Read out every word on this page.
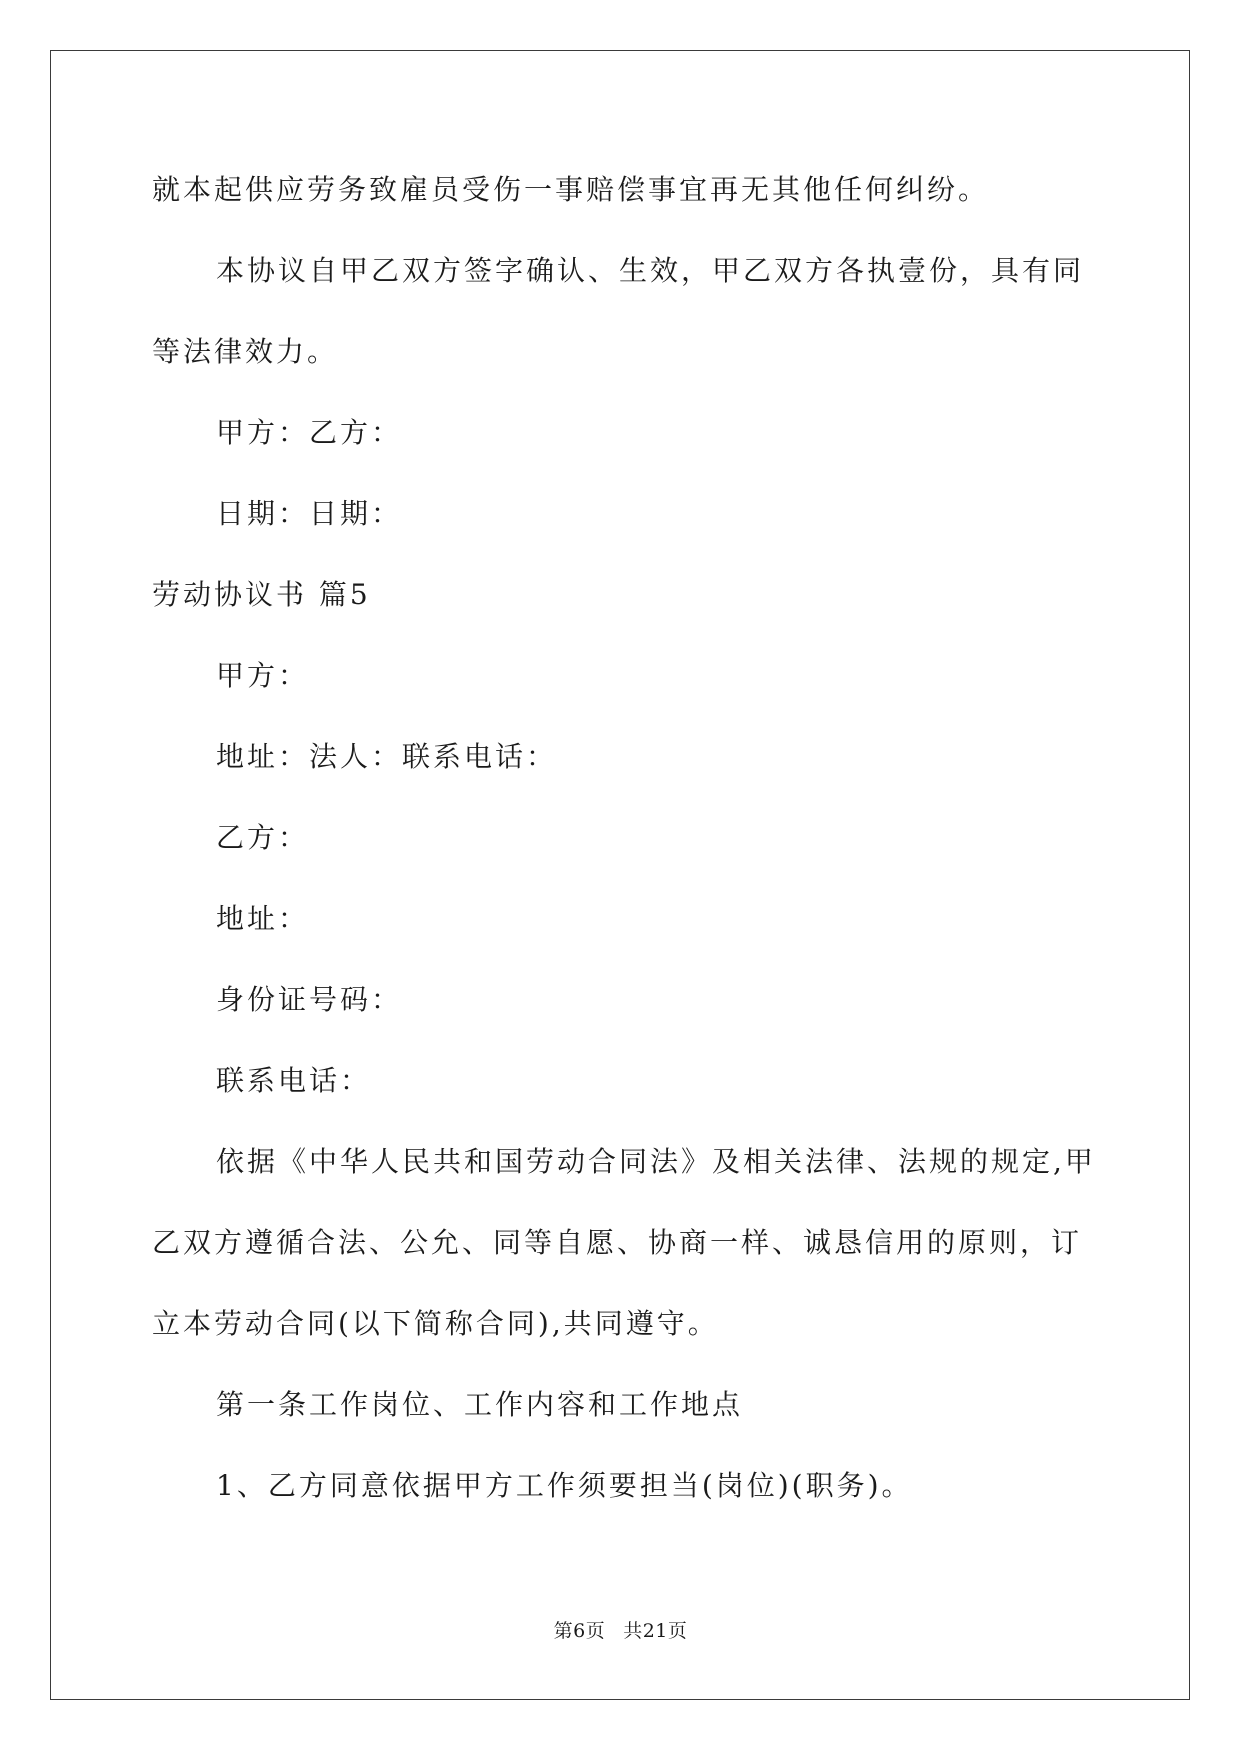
就本起供应劳务致雇员受伤一事赔偿事宜再无其他任何纠纷。
本协议自甲乙双方签字确认、生效，甲乙双方各执壹份，具有同
等法律效力。
甲方：乙方：
日期：日期：
劳动协议书 篇5
甲方：
地址：法人：联系电话：
乙方：
地址：
身份证号码：
联系电话：
依据《中华人民共和国劳动合同法》及相关法律、法规的规定,甲
乙双方遵循合法、公允、同等自愿、协商一样、诚恳信用的原则，订
立本劳动合同(以下简称合同),共同遵守。
第一条工作岗位、工作内容和工作地点
1、乙方同意依据甲方工作须要担当(岗位)(职务)。
第6页 共21页
